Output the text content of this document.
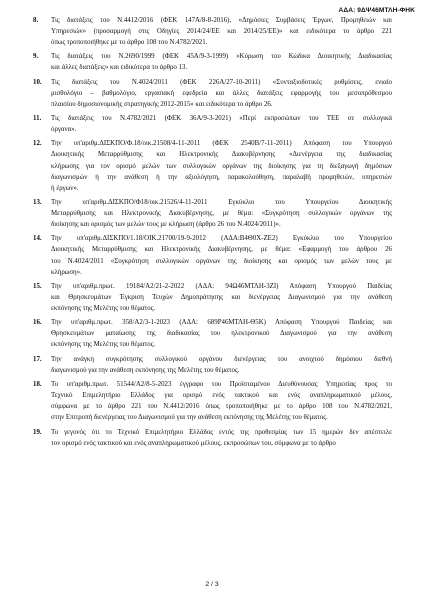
ΑΔΑ: 9ΔΨ46ΜΤΛΗ-ΦΗΚ
8. Τις διατάξεις του Ν.4412/2016 (ΦΕΚ 147Α/8-8-2016), «Δημόσιες Συμβάσεις Έργων, Προμηθειών και
Υπηρεσιών» (προσαρμογή στις Οδηγίες 2014/24/ΕΕ και 2014/25/ΕΕ)» και ειδικότερα το άρθρο 221
όπως τροποποιήθηκε με το άρθρο 108 του Ν.4782/2021.
9. Τις διατάξεις του Ν.2690/1999 (ΦΕΚ 45Α/9-3-1999) «Κύρωση του Κώδικα Διοικητικής Διαδικασίας
και άλλες διατάξεις» και ειδικότερα το άρθρο 13.
10. Τις διατάξεις του Ν.4024/2011 (ΦΕΚ 226Α/27-10-2011) «Συνταξιοδοτικές ρυθμίσεις, ενιαίο
μισθολόγιο – βαθμολόγιο, εργασιακή εφεδρεία και άλλες διατάξεις εφαρμογής του μεσοπρόθεσμου
πλαισίου δημοσιονομικής στρατηγικής 2012-2015» και ειδικότερα το άρθρο 26.
11. Τις διατάξεις του Ν.4782/2021 (ΦΕΚ 36Α/9-3-2021) «Περί εκπροσώπων του ΤΕΕ σε συλλογικά
όργανα».
12. Την υπ'αριθμ.ΔΙΣΚΠΟ/Φ.18/οικ.21508/4-11-2011 (ΦΕΚ 2540Β/7-11-2011) Απόφαση του Υπουργού
Διοικητικής Μεταρρύθμισης και Ηλεκτρονικής Διακυβέρνησης «Διενέργεια της διαδικασίας
κλήρωσης για τον ορισμό μελών των συλλογικών οργάνων της διοίκησης για τη διεξαγωγή δημόσιων
διαγωνισμών ή την ανάθεση ή την αξιολόγηση, παρακολούθηση, παραλαβή προμηθειών, υπηρεσιών
ή έργων».
13. Την υπ'αριθμ.ΔΙΣΚΠΟ/Φ18/οικ.21526/4-11-2011 Εγκύκλιο του Υπουργείου Διοικητικής
Μεταρρύθμισης και Ηλεκτρονικής Διακυβέρνησης, με θέμα: «Συγκρότηση συλλογικών οργάνων της
διοίκησης και ορισμός των μελών τους με κλήρωση (άρθρο 26 του Ν.4024/2011)».
14. Την υπ'αριθμ.ΔΙΣΚΠΟ/1.18/ΟΙΚ.21700/19-9-2012 (ΑΔΑ:Β4Θ0Χ-ΖΕ2) Εγκύκλιο του Υπουργείου
Διοικητικής Μεταρρύθμισης και Ηλεκτρονικής Διακυβέρνησης, με θέμα: «Εφαρμογή του άρθρου 26
του Ν.4024/2011 «Συγκρότηση συλλογικών οργάνων της διοίκησης και ορισμός των μελών τους με
κλήρωση».
15. Την υπ'αριθμ.πρωτ. 19184/Α2/21-2-2022 (ΑΔΑ: 94Ω46ΜΤΛΗ-3ΖΙ) Απόφαση Υπουργού Παιδείας
και Θρησκευμάτων Έγκριση Τευχών Δημοπράτησης και διενέργειας Διαγωνισμού για την ανάθεση
εκπόνησης της Μελέτης του θέματος.
16. Την υπ'αριθμ.πρωτ. 358/Α2/3-1-2023 (ΑΔΑ: 689Ρ46ΜΤΛΗ-Θ5Κ) Απόφαση Υπουργού Παιδείας και
Θρησκευμάτων ματαίωσης της διαδικασίας του ηλεκτρονικού Διαγωνισμού για την ανάθεση
εκπόνησης της Μελέτης του θέματος.
17. Την ανάγκη συγκρότησης συλλογικού οργάνου διενέργειας του ανοιχτού δημόσιου διεθνή
διαγωνισμού για την ανάθεση εκπόνησης της Μελέτης του θέματος.
18. Το υπ'αριθμ.πρωτ. 51544/Α2/8-5-2023 έγγραφο του Προϊσταμένου Διευθύνουσας Υπηρεσίας προς το
Τεχνικό Επιμελητήριο Ελλάδος για ορισμό ενός τακτικού και ενός αναπληρωματικού μέλους,
σύμφωνα με το άρθρο 221 του Ν.4412/2016 όπως τροποποιήθηκε με το άρθρο 108 του Ν.4782/2021,
στην Επιτροπή διενέργειας του Διαγωνισμού για την ανάθεση εκπόνησης της Μελέτης του θέματος.
19. Το γεγονός ότι το Τεχνικό Επιμελητήριο Ελλάδος εντός της προθεσμίας των 15 ημερών δεν απέστειλε
τον ορισμό ενός τακτικού και ενός αναπληρωματικού μέλους, εκπροσώπων του, σύμφωνα με το άρθρο
2 / 3
